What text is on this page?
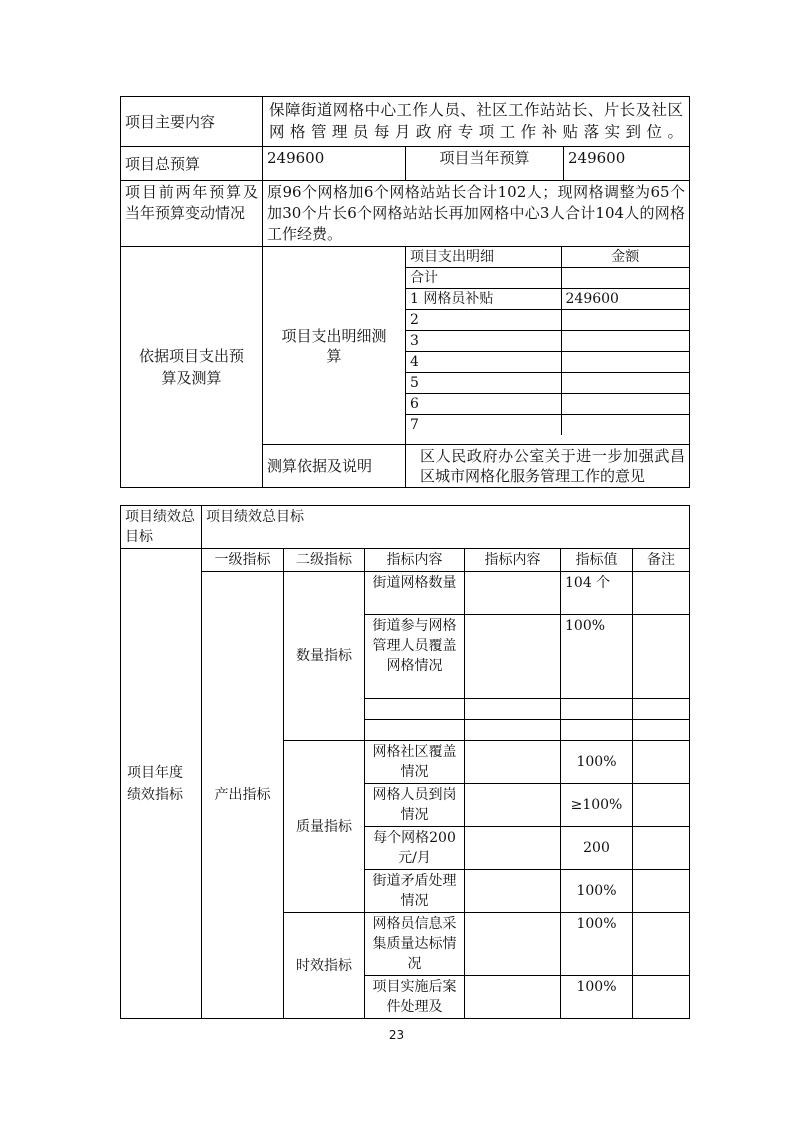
项目主要内容	保障街道网格中心工作人员、社区工作站站长、片长及社区网格管理员每月政府专项工作补贴落实到位。
项目总预算	249600	项目当年预算	249600
项目前两年预算及当年预算变动情况	原96个网格加6个网格站站长合计102人；现网格调整为65个加30个片长6个网格站站长再加网格中心3人合计104人的网格工作经费。
依据项目支出预算及测算	项目支出明细测算	
项目支出明细	金额
合计	
1 网格员补贴	249600
2	
3	
4	
5	
6	
7	

测算依据及说明	区人民政府办公室关于进一步加强武昌区城市网格化服务管理工作的意见
项目绩效总目标	项目绩效总目标					
项目年度绩效指标	一级指标	二级指标	指标内容	指标内容	指标值	备注
	产出指标	数量指标	街道网格数量		104 个	
			街道参与网格管理人员覆盖网格情况		100%	

		质量指标	网格社区覆盖情况		100%	
			网格人员到岗情况		≥100%	
			每个网格200元/月		200	
			街道矛盾处理情况		100%	
		时效指标	网格员信息采集质量达标情况		100%	
			项目实施后案件处理及		100%	
23
